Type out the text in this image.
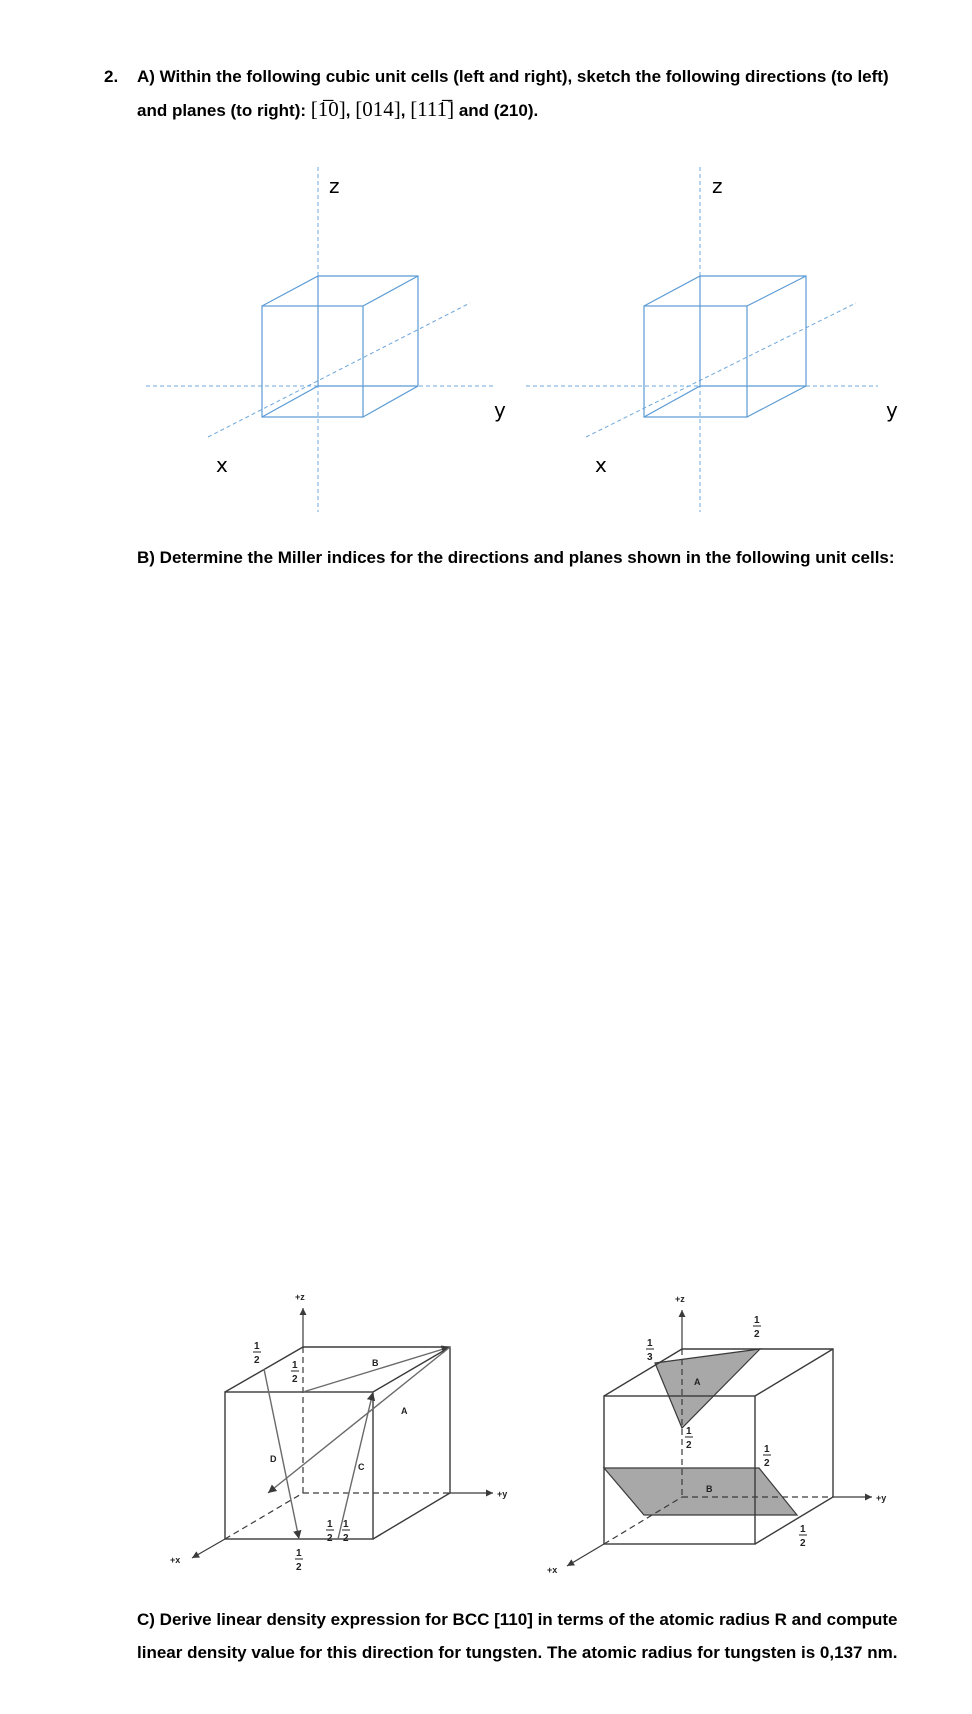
2. A) Within the following cubic unit cells (left and right), sketch the following directions (to left)
and planes (to right): [1̅0], [014], [111̅] and (210).
B) Determine the Miller indices for the directions and planes shown in the following unit cells:
C) Derive linear density expression for BCC [110] in terms of the atomic radius R and compute
linear density value for this direction for tungsten. The atomic radius for tungsten is 0,137 nm.
z
y
x
z
y
x
+z
+y
+x
B
A
C
D
1
2	1
2
1
2
1
2
1
2
+z
+y
+x
A
B
1
3
1
2
1
2	1
2
1
2
